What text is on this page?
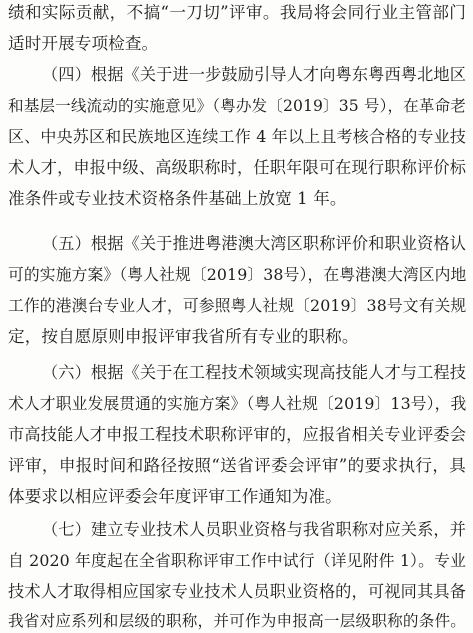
绩和实际贡献，不搞“一刀切”评审。我局将会同行业主管部门
适时开展专项检查。
（四）根据《关于进一步鼓励引导人才向粤东粤西粤北地区
和基层一线流动的实施意见》（粤办发〔2019〕35 号），在革命老
区、中央苏区和民族地区连续工作 4 年以上且考核合格的专业技
术人才，申报中级、高级职称时，任职年限可在现行职称评价标
准条件或专业技术资格条件基础上放宽 1 年。
（五）根据《关于推进粤港澳大湾区职称评价和职业资格认
可的实施方案》（粤人社规〔2019〕38号），在粤港澳大湾区内地
工作的港澳台专业人才，可参照粤人社规〔2019〕38号文有关规
定，按自愿原则申报评审我省所有专业的职称。
（六）根据《关于在工程技术领域实现高技能人才与工程技
术人才职业发展贯通的实施方案》（粤人社规〔2019〕13号），我
市高技能人才申报工程技术职称评审的，应报省相关专业评委会
评审，申报时间和路径按照“送省评委会评审”的要求执行，具
体要求以相应评委会年度评审工作通知为准。
（七）建立专业技术人员职业资格与我省职称对应关系，并
自 2020 年度起在全省职称评审工作中试行（详见附件 1）。专业
技术人才取得相应国家专业技术人员职业资格的，可视同其具备
我省对应系列和层级的职称，并可作为申报高一层级职称的条件。
